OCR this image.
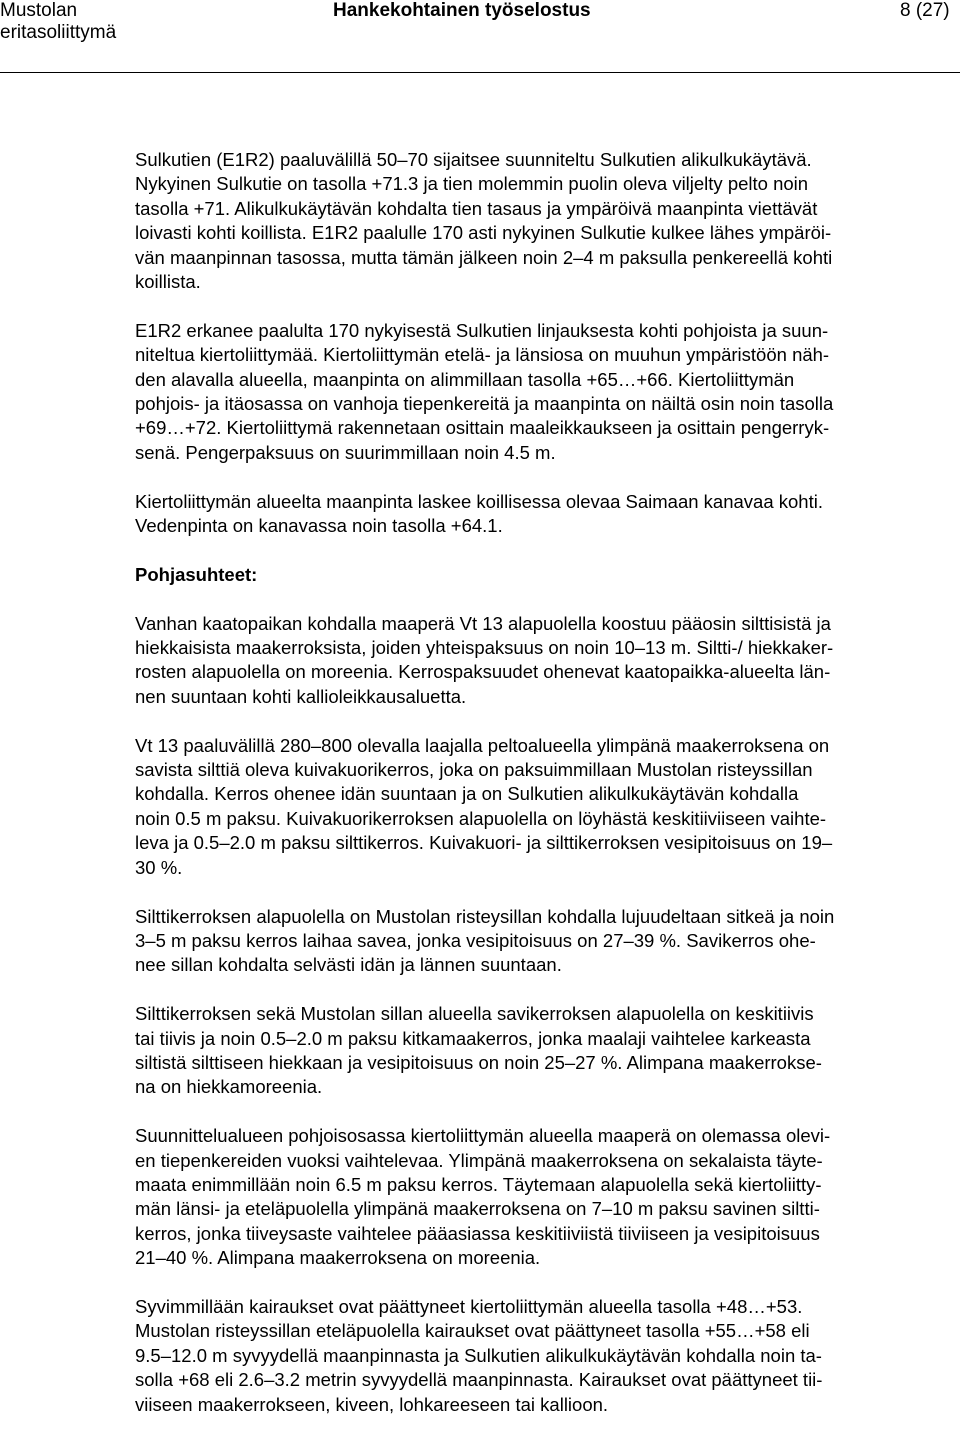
Mustolan
eritasoliittymä
Hankekohtainen työselostus	8 (27)

Sulkutien (E1R2) paaluvälillä 50–70 sijaitsee suunniteltu Sulkutien alikulkukäytävä.
Nykyinen Sulkutie on tasolla +71.3 ja tien molemmin puolin oleva viljelty pelto noin
tasolla +71. Alikulkukäytävän kohdalta tien tasaus ja ympäröivä maanpinta viettävät
loivasti kohti koillista. E1R2 paalulle 170 asti nykyinen Sulkutie kulkee lähes ympäröi-
vän maanpinnan tasossa, mutta tämän jälkeen noin 2–4 m paksulla penkereellä kohti
koillista.

E1R2 erkanee paalulta 170 nykyisestä Sulkutien linjauksesta kohti pohjoista ja suun-
niteltua kiertoliittymää. Kiertoliittymän etelä- ja länsiosa on muuhun ympäristöön näh-
den alavalla alueella, maanpinta on alimmillaan tasolla +65…+66. Kiertoliittymän
pohjois- ja itäosassa on vanhoja tiepenkereitä ja maanpinta on näiltä osin noin tasolla
+69…+72. Kiertoliittymä rakennetaan osittain maaleikkaukseen ja osittain pengerryk-
senä. Pengerpaksuus on suurimmillaan noin 4.5 m.

Kiertoliittymän alueelta maanpinta laskee koillisessa olevaa Saimaan kanavaa kohti.
Vedenpinta on kanavassa noin tasolla +64.1.

Pohjasuhteet:

Vanhan kaatopaikan kohdalla maaperä Vt 13 alapuolella koostuu pääosin silttisistä ja
hiekkaisista maakerroksista, joiden yhteispaksuus on noin 10–13 m. Siltti-/ hiekkaker-
rosten alapuolella on moreenia. Kerrospaksuudet ohenevat kaatopaikka-alueelta län-
nen suuntaan kohti kallioleikkausaluetta.

Vt 13 paaluvälillä 280–800 olevalla laajalla peltoalueella ylimpänä maakerroksena on
savista silttiä oleva kuivakuorikerros, joka on paksuimmillaan Mustolan risteyssillan
kohdalla. Kerros ohenee idän suuntaan ja on Sulkutien alikulkukäytävän kohdalla
noin 0.5 m paksu. Kuivakuorikerroksen alapuolella on löyhästä keskitiiviiseen vaihte-
leva ja 0.5–2.0 m paksu silttikerros. Kuivakuori- ja silttikerroksen vesipitoisuus on 19–
30 %.

Silttikerroksen alapuolella on Mustolan risteysillan kohdalla lujuudeltaan sitkeä ja noin
3–5 m paksu kerros laihaa savea, jonka vesipitoisuus on 27–39 %. Savikerros ohe-
nee sillan kohdalta selvästi idän ja lännen suuntaan.

Silttikerroksen sekä Mustolan sillan alueella savikerroksen alapuolella on keskitiivis
tai tiivis ja noin 0.5–2.0 m paksu kitkamaakerros, jonka maalaji vaihtelee karkeasta
siltistä silttiseen hiekkaan ja vesipitoisuus on noin 25–27 %. Alimpana maakerrokse-
na on hiekkamoreenia.

Suunnittelualueen pohjoisosassa kiertoliittymän alueella maaperä on olemassa olevi-
en tiepenkereiden vuoksi vaihtelevaa. Ylimpänä maakerroksena on sekalaista täyte-
maata enimmillään noin 6.5 m paksu kerros. Täytemaan alapuolella sekä kiertoliitty-
män länsi- ja eteläpuolella ylimpänä maakerroksena on 7–10 m paksu savinen siltti-
kerros, jonka tiiveysaste vaihtelee pääasiassa keskitiiviistä tiiviiseen ja vesipitoisuus
21–40 %. Alimpana maakerroksena on moreenia.

Syvimmillään kairaukset ovat päättyneet kiertoliittymän alueella tasolla +48…+53.
Mustolan risteyssillan eteläpuolella kairaukset ovat päättyneet tasolla +55…+58 eli
9.5–12.0 m syvyydellä maanpinnasta ja Sulkutien alikulkukäytävän kohdalla noin ta-
solla +68 eli 2.6–3.2 metrin syvyydellä maanpinnasta. Kairaukset ovat päättyneet tii-
viiseen maakerrokseen, kiveen, lohkareeseen tai kallioon.
